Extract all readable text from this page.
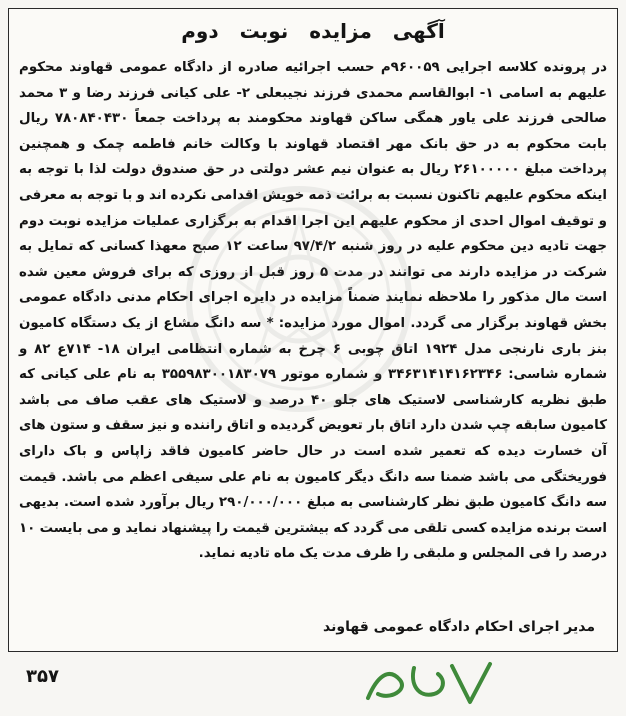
آگهی مزایده نوبت دوم

در پرونده کلاسه اجرایی ۹۶۰۰۵۹م حسب اجرائیه صادره از دادگاه عمومی قهاوند محکوم علیهم به اسامی ۱- ابوالقاسم محمدی فرزند نجیبعلی ۲- علی کیانی فرزند رضا و ۳ محمد صالحی فرزند علی یاور همگی ساکن قهاوند محکومند به پرداخت جمعاً ۷۸۰۸۴۰۴۳۰ ریال بابت محکوم به در حق بانک مهر اقتصاد قهاوند با وکالت خانم فاطمه چمک و همچنین پرداخت مبلغ ۲۶۱۰۰۰۰۰ ریال به عنوان نیم عشر دولتی در حق صندوق دولت لذا با توجه به اینکه محکوم علیهم تاکنون نسبت به برائت ذمه خویش اقدامی نکرده اند و با توجه به معرفی و توقیف اموال احدی از محکوم علیهم این اجرا اقدام به برگزاری عملیات مزایده نوبت دوم جهت تادیه دین محکوم علیه در روز شنبه ۹۷/۴/۲ ساعت ۱۲ صبح معهذا کسانی که تمایل به شرکت در مزایده دارند می توانند در مدت ۵ روز قبل از روزی که برای فروش معین شده است مال مذکور را ملاحظه نمایند ضمناً مزایده در دایره اجرای احکام مدنی دادگاه عمومی بخش قهاوند برگزار می گردد. اموال مورد مزایده: * سه دانگ مشاع از یک دستگاه کامیون بنز باری نارنجی مدل ۱۹۲۴ اتاق چوبی ۶ چرخ به شماره انتظامی ایران ۱۸- ۷۱۴ع ۸۲ و شماره شاسی: ۳۴۶۳۱۴۱۴۱۶۲۳۴۶ و شماره موتور ۳۵۵۹۸۳۰۰۱۸۳۰۷۹ به نام علی کیانی که طبق نظریه کارشناسی لاستیک های جلو ۴۰ درصد و لاستیک های عقب صاف می باشد کامیون سابقه چپ شدن دارد اتاق بار تعویض گردیده و اتاق راننده و نیز سقف و ستون های آن خسارت دیده که تعمیر شده است در حال حاضر کامیون فاقد زاپاس و باک دارای فوریختگی می باشد ضمنا سه دانگ دیگر کامیون به نام علی سیفی اعظم می باشد. قیمت سه دانگ کامیون طبق نظر کارشناسی به مبلغ ۲۹۰/۰۰۰/۰۰۰ ریال برآورد شده است. بدیهی است برنده مزایده کسی تلقی می گردد که بیشترین قیمت را پیشنهاد نماید و می بایست ۱۰ درصد را فی المجلس و ملبقی را ظرف مدت یک ماه تادیه نماید.

مدیر اجرای احکام دادگاه عمومی قهاوند
۳۵۷
